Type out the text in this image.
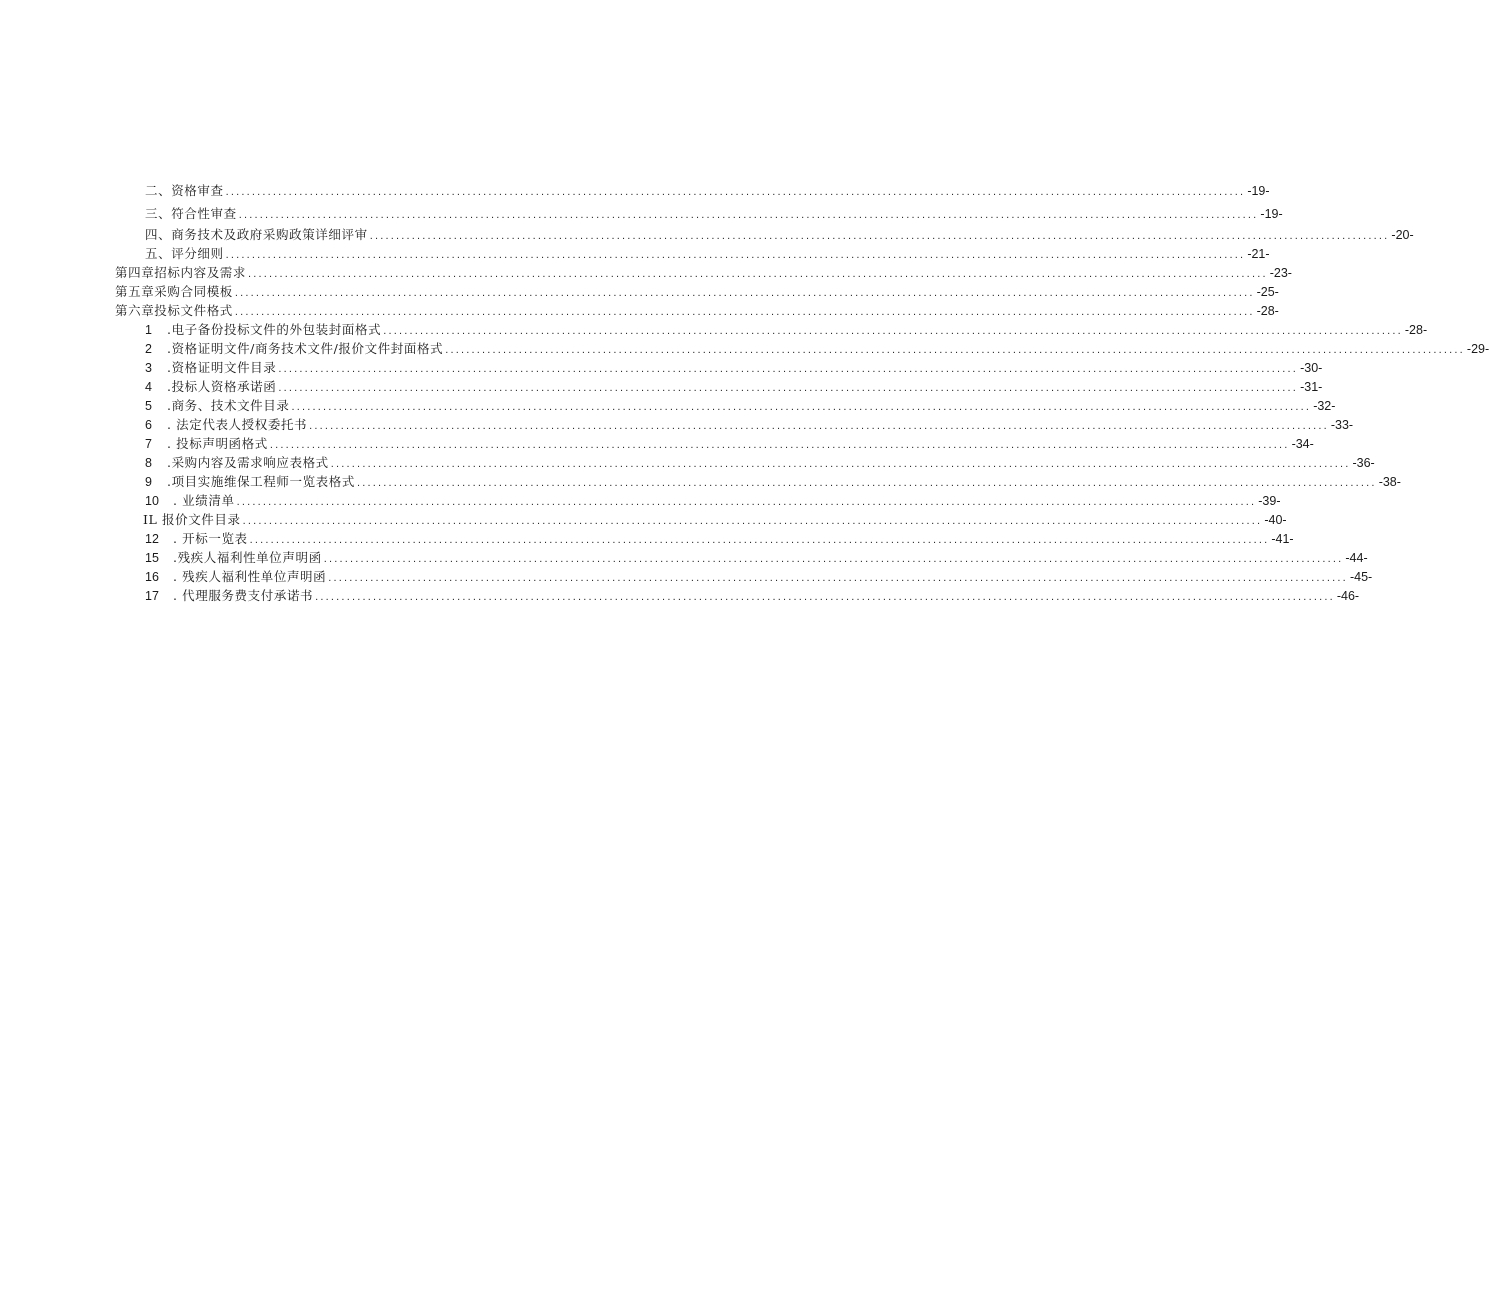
二、资格审查 .....	-19-
三、符合性审查 .....	-19-
四、商务技术及政府采购政策详细评审 .....	-20-
五、评分细则 .....	-21-
第四章招标内容及需求 .....	-23-
第五章采购合同模板 .....	-25-
第六章投标文件格式 .....	-28-
1	.电子备份投标文件的外包装封面格式 .....	-28-
2	.资格证明文件/商务技术文件/报价文件封面格式 .....	-29-
3	.资格证明文件目录 .....	-30-
4	.投标人资格承诺函 .....	-31-
5	.商务、技术文件目录 .....	-32-
6	. 法定代表人授权委托书 .....	-33-
7	. 投标声明函格式 .....	-34-
8	.采购内容及需求响应表格式 .....	-36-
9	.项目实施维保工程师一览表格式 .....	-38-
10	. 业绩清单 .....	-39-
IL 报价文件目录 .....	-40-
12	. 开标一览表 .....	-41-
15	.残疾人福利性单位声明函 .....	-44-
16	. 残疾人福利性单位声明函 .....	-45-
17	. 代理服务费支付承诺书 .....	-46-
